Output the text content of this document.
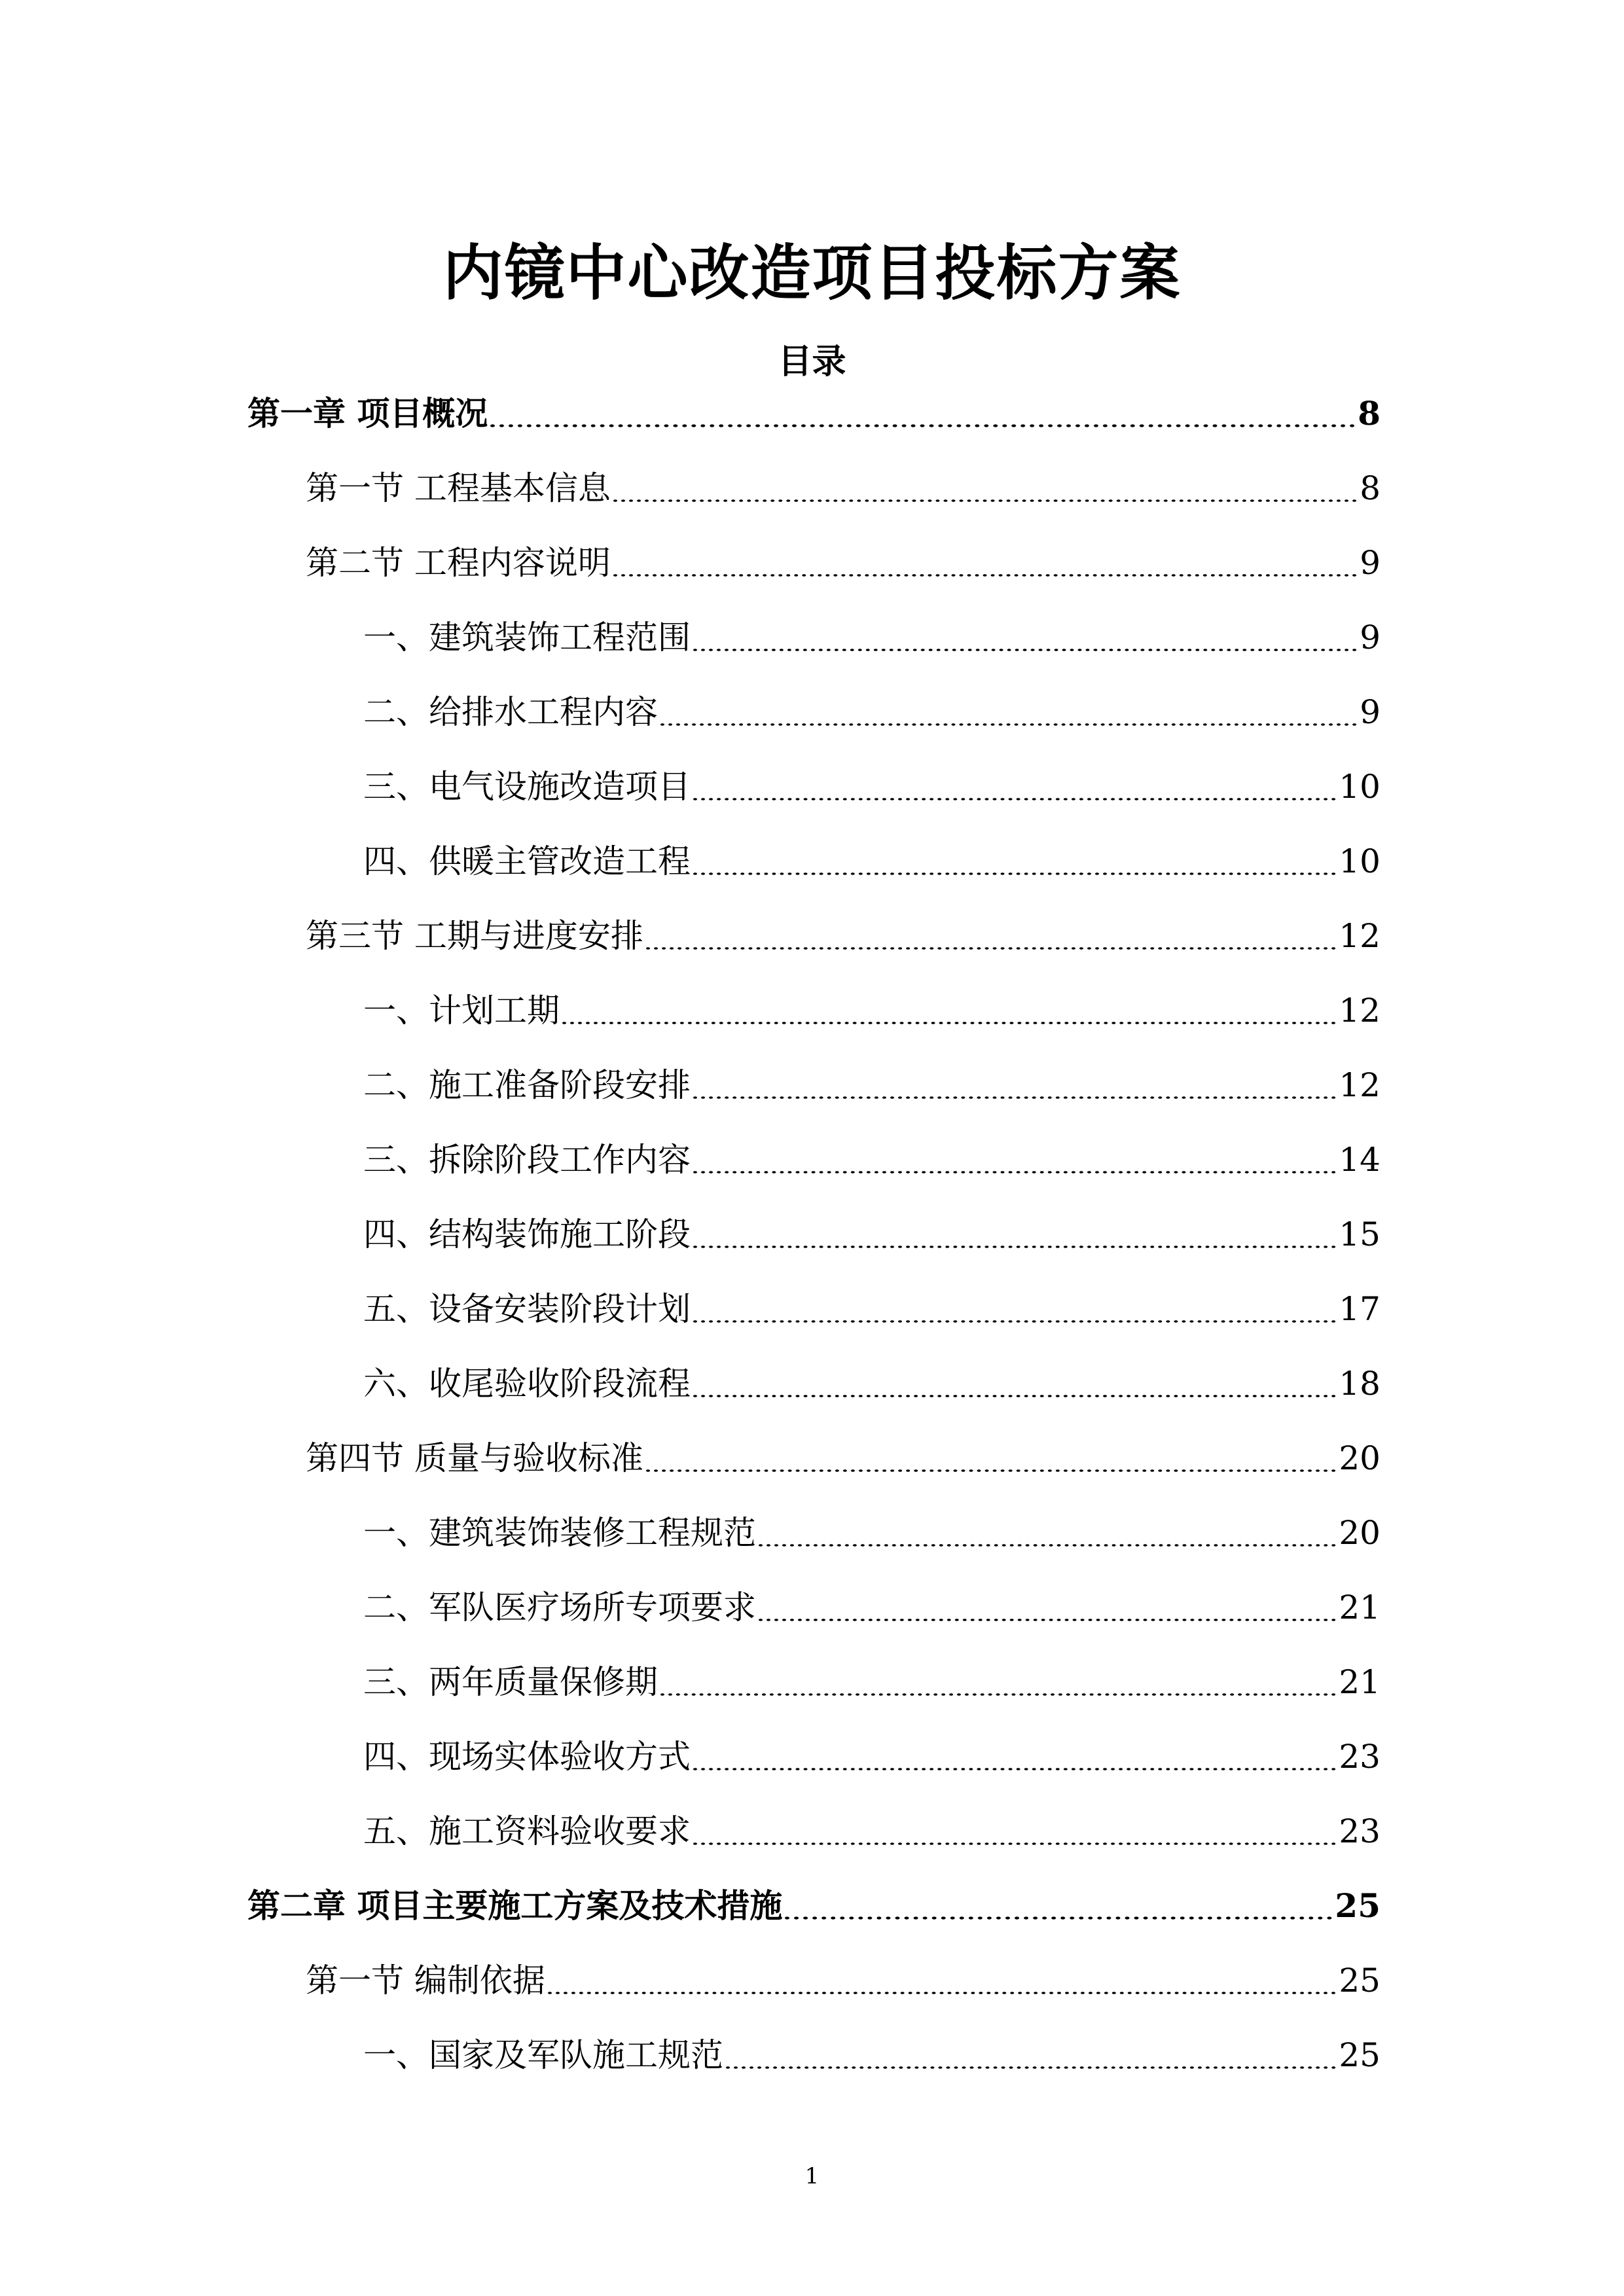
内镜中心改造项目投标方案
目录
第一章 项目概况	8
第一节 工程基本信息	8
第二节 工程内容说明	9
一、建筑装饰工程范围	9
二、给排水工程内容	9
三、电气设施改造项目	10
四、供暖主管改造工程	10
第三节 工期与进度安排	12
一、计划工期	12
二、施工准备阶段安排	12
三、拆除阶段工作内容	14
四、结构装饰施工阶段	15
五、设备安装阶段计划	17
六、收尾验收阶段流程	18
第四节 质量与验收标准	20
一、建筑装饰装修工程规范	20
二、军队医疗场所专项要求	21
三、两年质量保修期	21
四、现场实体验收方式	23
五、施工资料验收要求	23
第二章 项目主要施工方案及技术措施	25
第一节 编制依据	25
一、国家及军队施工规范	25
1
